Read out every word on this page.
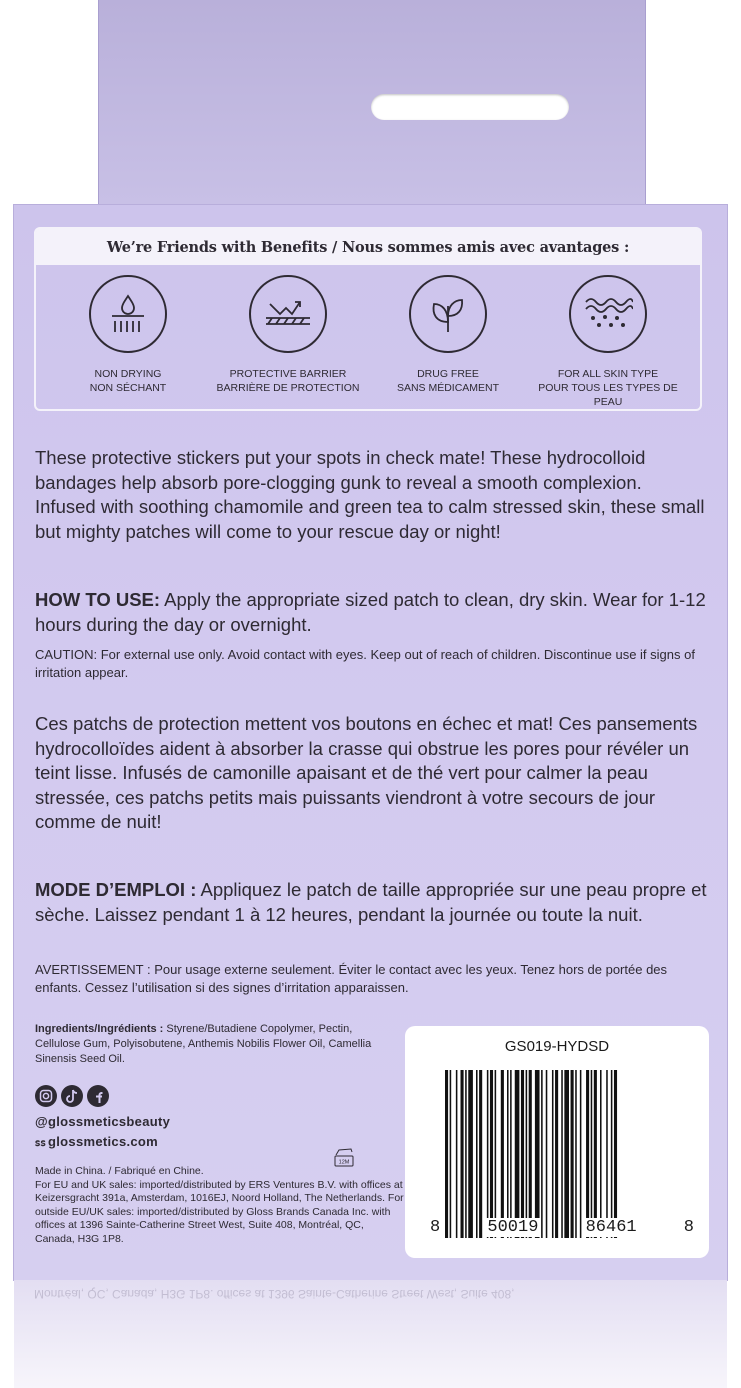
We’re Friends with Benefits / Nous sommes amis avec avantages :
NON DRYING
NON SÉCHANT
PROTECTIVE BARRIER
BARRIÈRE DE PROTECTION
DRUG FREE
SANS MÉDICAMENT
FOR ALL SKIN TYPE
POUR TOUS LES TYPES DE PEAU
These protective stickers put your spots in check mate! These hydrocolloid bandages help absorb pore-clogging gunk to reveal a smooth complexion. Infused with soothing chamomile and green tea to calm stressed skin, these small but mighty patches will come to your rescue day or night!

HOW TO USE: Apply the appropriate sized patch to clean, dry skin. Wear for 1-12 hours during the day or overnight.

CAUTION: For external use only. Avoid contact with eyes. Keep out of reach of children. Discontinue use if signs of irritation appear.
Ces patchs de protection mettent vos boutons en échec et mat! Ces pansements hydrocolloïdes aident à absorber la crasse qui obstrue les pores pour révéler un teint lisse. Infusés de camonille apaisant et de thé vert pour calmer la peau stressée, ces patchs petits mais puissants viendront à votre secours de jour comme de nuit!

MODE D’EMPLOI : Appliquez le patch de taille appropriée sur une peau propre et sèche. Laissez pendant 1 à 12 heures, pendant la journée ou toute la nuit.

AVERTISSEMENT : Pour usage externe seulement. Éviter le contact avec les yeux. Tenez hors de portée des enfants. Cessez l’utilisation si des signes d’irritation apparaissen.
Ingredients/Ingrédients : Styrene/Butadiene Copolymer, Pectin, Cellulose Gum, Polyisobutene, Anthemis Nobilis Flower Oil, Camellia Sinensis Seed Oil.
@glossmeticsbeauty
ꜱꜱ glossmetics.com
12M
Made in China. / Fabriqué en Chine.
For EU and UK sales: imported/distributed by ERS Ventures B.V. with offices at Keizersgracht 391a, Amsterdam, 1016EJ, Noord Holland, The Netherlands. For outside EU/UK sales: imported/distributed by Gloss Brands Canada Inc. with offices at 1396 Sainte-Catherine Street West, Suite 408, Montréal, QC, Canada, H3G 1P8.
GS019-HYDSD
8	50019	86461	8
Montréal, QC, Canada, H3G 1P8. offices at 1396 Sainte-Catherine Street West, Suite 408,
